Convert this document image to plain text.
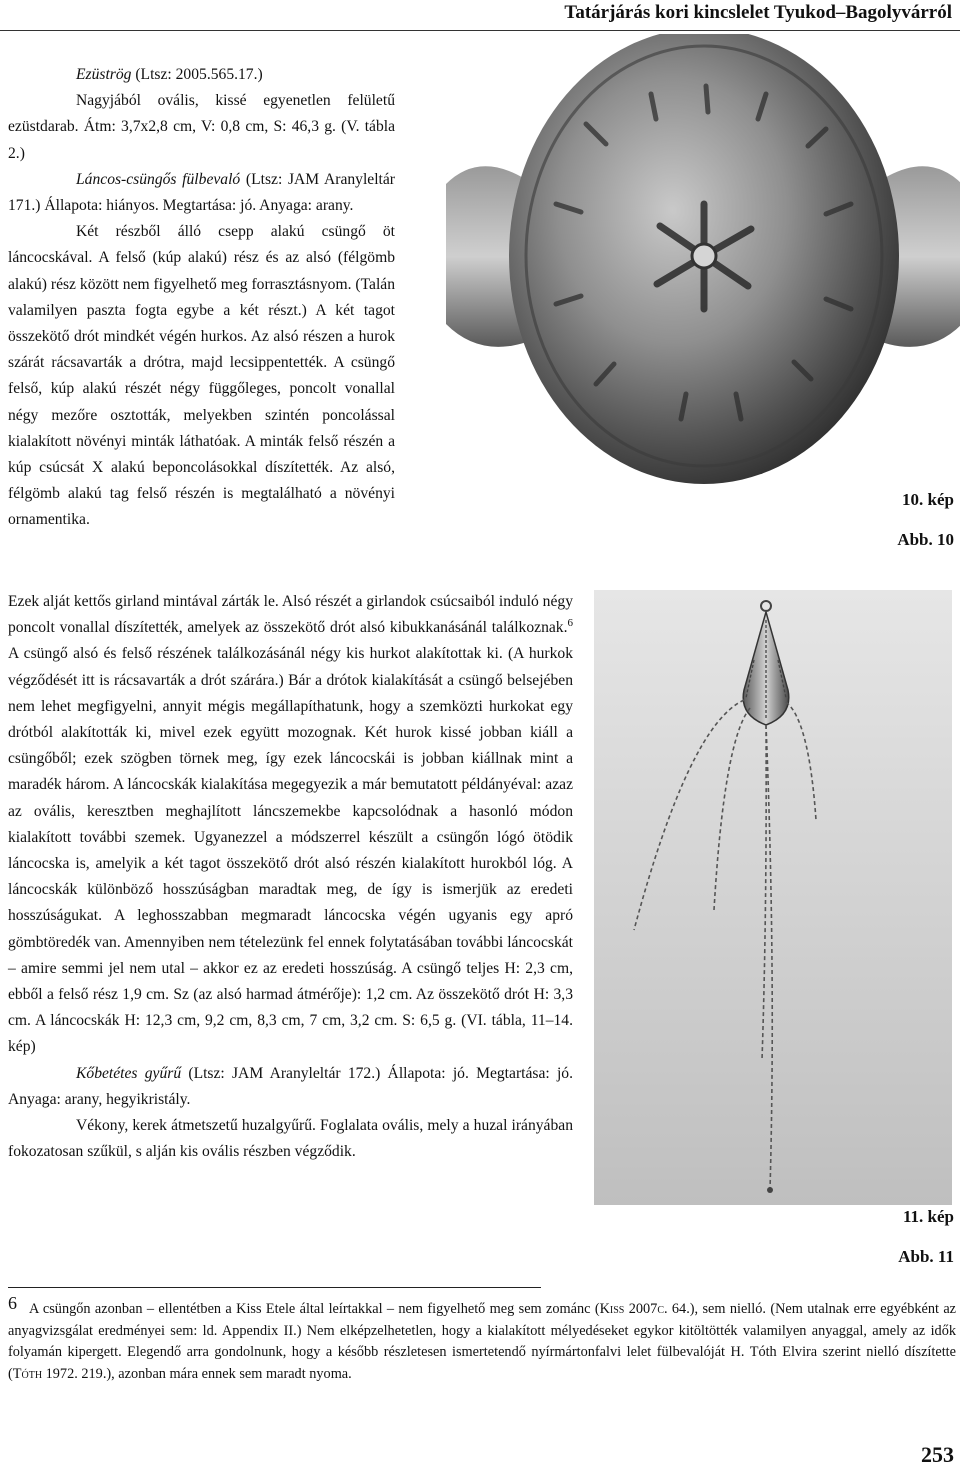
Tatárjárás kori kincslelet Tyukod–Bagolyvárról
10. kép
Abb. 10
11. kép
Abb. 11

Ezüströg (Ltsz: 2005.565.17.)

Nagyjából ovális, kissé egyenetlen felületű ezüstdarab. Átm: 3,7x2,8 cm, V: 0,8 cm, S: 46,3 g. (V. tábla 2.)

Láncos-csüngős fülbevaló (Ltsz: JAM Aranyleltár 171.) Állapota: hiányos. Megtartása: jó. Anyaga: arany.

Két részből álló csepp alakú csüngő öt láncocskával. A felső (kúp alakú) rész és az alsó (félgömb alakú) rész között nem figyelhető meg forrasztásnyom. (Talán valamilyen paszta fogta egybe a két részt.) A két tagot összekötő drót mindkét végén hurkos. Az alsó részen a hurok szárát rácsavarták a drótra, majd lecsippentették. A csüngő felső, kúp alakú részét négy függőleges, poncolt vonallal négy mezőre osztották, melyekben szintén poncolással kialakított növényi minták láthatóak. A minták felső részén a kúp csúcsát X alakú beponcolásokkal díszítették. Az alsó, félgömb alakú tag felső részén is megtalálható a növényi ornamentika.

Ezek alját kettős girland mintával zárták le. Alsó részét a girlandok csúcsaiból induló négy poncolt vonallal díszítették, amelyek az összekötő drót alsó kibukkanásánál találkoznak.$^6$ A csüngő alsó és felső részének találkozásánál négy kis hurkot alakítottak ki. (A hurkok végződését itt is rácsavarták a drót szárára.) Bár a drótok kialakítását a csüngő belsejében nem lehet megfigyelni, annyit mégis megállapíthatunk, hogy a szemközti hurkokat egy drótból alakították ki, mivel ezek együtt mozognak. Két hurok kissé jobban kiáll a csüngőből; ezek szögben törnek meg, így ezek láncocskái is jobban kiállnak mint a maradék három. A láncocskák kialakítása megegyezik a már bemutatott példányéval: azaz az ovális, keresztben meghajlított láncszemekbe kapcsolódnak a hasonló módon kialakított további szemek. Ugyanezzel a módszerrel készült a csüngőn lógó ötödik láncocska is, amelyik a két tagot összekötő drót alsó részén kialakított hurokból lóg. A láncocskák különböző hosszúságban maradtak meg, de így is ismerjük az eredeti hosszúságukat. A leghosszabban megmaradt láncocska végén ugyanis egy apró gömbtöredék van. Amennyiben nem tételezünk fel ennek folytatásában további láncocskát – amire semmi jel nem utal – akkor ez az eredeti hosszúság. A csüngő teljes H: 2,3 cm, ebből a felső rész 1,9 cm. Sz (az alsó harmad átmérője): 1,2 cm. Az összekötő drót H: 3,3 cm. A láncocskák H: 12,3 cm, 9,2 cm, 8,3 cm, 7 cm, 3,2 cm. S: 6,5 g. (VI. tábla, 11–14. kép)

Kőbetétes gyűrű (Ltsz: JAM Aranyleltár 172.) Állapota: jó. Megtartása: jó. Anyaga: arany, hegyikristály.

Vékony, kerek átmetszetű huzalgyűrű. Foglalata ovális, mely a huzal irányában fokozatosan szűkül, s alján kis ovális részben végződik.

6 A csüngőn azonban – ellentétben a Kiss Etele által leírtakkal – nem figyelhető meg sem zománc (Kiss 2007c. 64.), sem nielló. (Nem utalnak erre egyébként az anyagvizsgálat eredményei sem: ld. Appendix II.) Nem elképzelhetetlen, hogy a kialakított mélyedéseket egykor kitöltötték valamilyen anyaggal, amely az idők folyamán kipergett. Elegendő arra gondolnunk, hogy a később részletesen ismertetendő nyírmártonfalvi lelet fülbevalóját H. Tóth Elvira szerint nielló díszítette (Tóth 1972. 219.), azonban mára ennek sem maradt nyoma.
253
